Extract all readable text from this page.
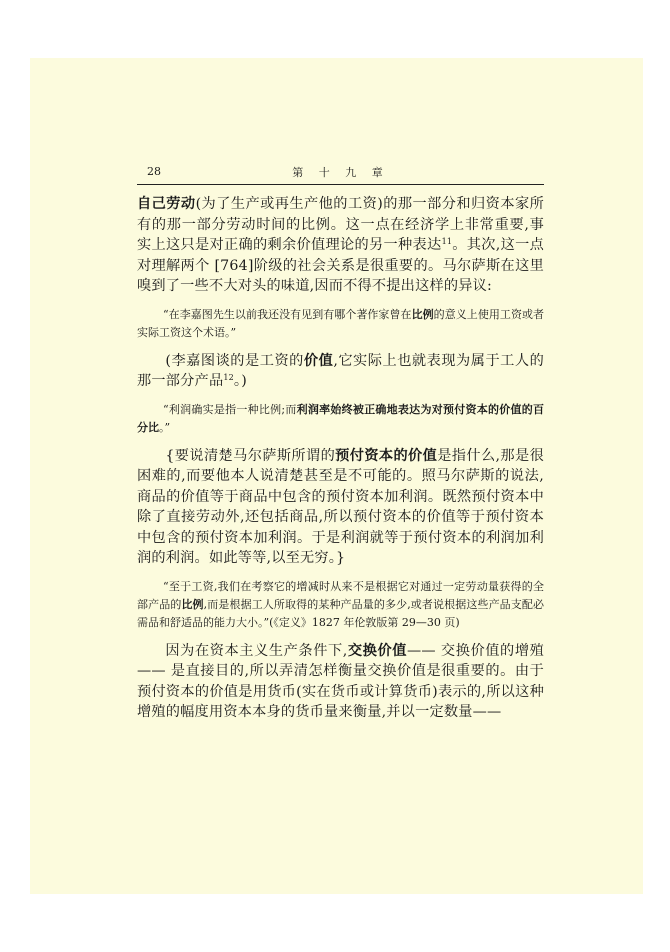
28	第 十 九 章

自己劳动(为了生产或再生产他的工资)的那一部分和归资本家所有的那一部分劳动时间的比例。这一点在经济学上非常重要,事实上这只是对正确的剩余价值理论的另一种表达$^{11}$。其次,这一点对理解两个 [764]阶级的社会关系是很重要的。马尔萨斯在这里嗅到了一些不大对头的味道,因而不得不提出这样的异议:

“在李嘉图先生以前我还没有见到有哪个著作家曾在比例的意义上使用工资或者实际工资这个术语。”

(李嘉图谈的是工资的价值,它实际上也就表现为属于工人的那一部分产品$^{12}$。)

“利润确实是指一种比例;而利润率始终被正确地表达为对预付资本的价值的百分比。”

{要说清楚马尔萨斯所谓的预付资本的价值是指什么,那是很困难的,而要他本人说清楚甚至是不可能的。照马尔萨斯的说法,商品的价值等于商品中包含的预付资本加利润。既然预付资本中除了直接劳动外,还包括商品,所以预付资本的价值等于预付资本中包含的预付资本加利润。于是利润就等于预付资本的利润加利润的利润。如此等等,以至无穷。}

“至于工资,我们在考察它的增减时从来不是根据它对通过一定劳动量获得的全部产品的比例,而是根据工人所取得的某种产品量的多少,或者说根据这些产品支配必需品和舒适品的能力大小。”(《定义》1827 年伦敦版第 29—30 页)

因为在资本主义生产条件下,交换价值—— 交换价值的增殖 —— 是直接目的,所以弄清怎样衡量交换价值是很重要的。由于预付资本的价值是用货币(实在货币或计算货币)表示的,所以这种增殖的幅度用资本本身的货币量来衡量,并以一定数量——
